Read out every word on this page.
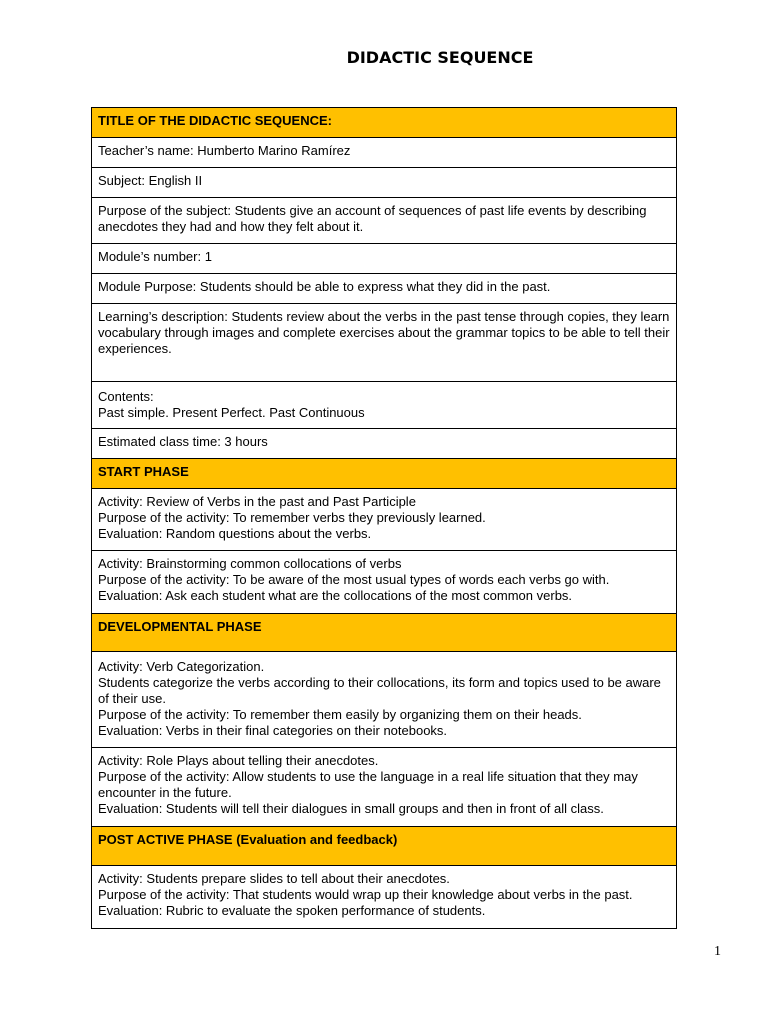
DIDACTIC SEQUENCE
TITLE OF THE DIDACTIC SEQUENCE:
Teacher’s name: Humberto Marino Ramírez
Subject: English II
Purpose of the subject: Students give an account of sequences of past life events by describing anecdotes they had and how they felt about it.
Module’s number: 1
Module Purpose: Students should be able to express what they did in the past.
Learning’s description: Students review about the verbs in the past tense through copies, they learn vocabulary through images and complete exercises about the grammar topics to be able to tell their experiences.
Contents:
Past simple. Present Perfect. Past Continuous
Estimated class time: 3 hours
START PHASE
Activity: Review of Verbs in the past and Past Participle
Purpose of the activity: To remember verbs they previously learned.
Evaluation: Random questions about the verbs.
Activity: Brainstorming common collocations of verbs
Purpose of the activity: To be aware of the most usual types of words each verbs go with.
Evaluation: Ask each student what are the collocations of the most common verbs.
DEVELOPMENTAL PHASE
Activity: Verb Categorization.
Students categorize the verbs according to their collocations, its form and topics used to be aware of their use.
Purpose of the activity: To remember them easily by organizing them on their heads.
Evaluation: Verbs in their final categories on their notebooks.
Activity: Role Plays about telling their anecdotes.
Purpose of the activity: Allow students to use the language in a real life situation that they may encounter in the future.
Evaluation: Students will tell their dialogues in small groups and then in front of all class.
POST ACTIVE PHASE (Evaluation and feedback)
Activity: Students prepare slides to tell about their anecdotes.
Purpose of the activity: That students would wrap up their knowledge about verbs in the past.
Evaluation: Rubric to evaluate the spoken performance of students.
1
